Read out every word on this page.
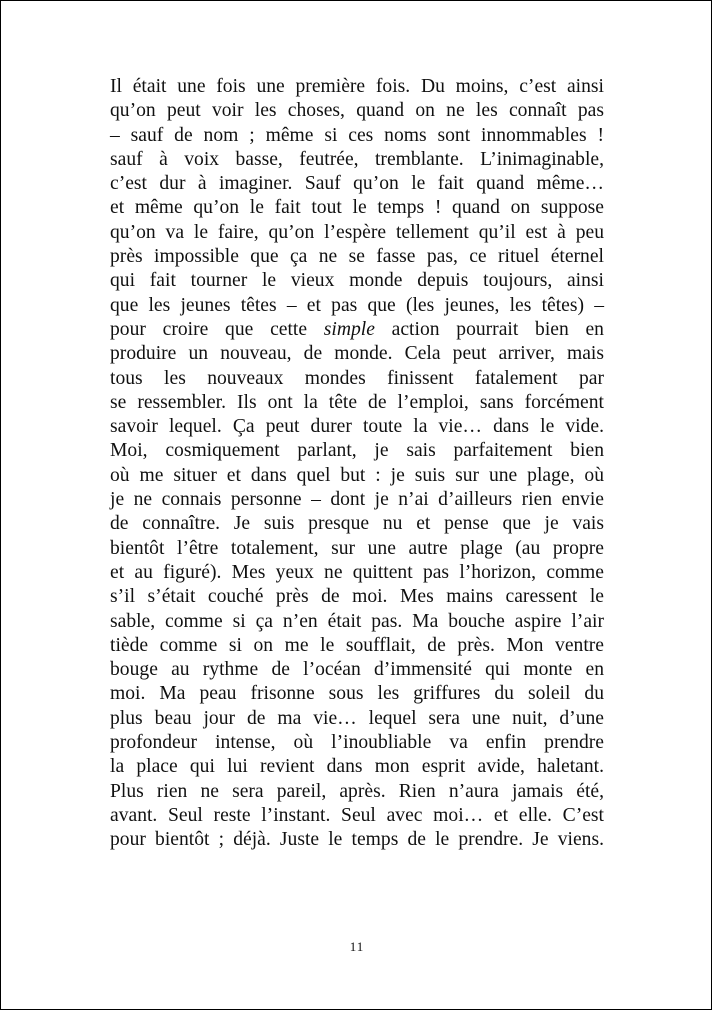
Il était une fois une première fois. Du moins, c’est ainsi
qu’on peut voir les choses, quand on ne les connaît pas
– sauf de nom ; même si ces noms sont innommables !
sauf à voix basse, feutrée, tremblante. L’inimaginable,
c’est dur à imaginer. Sauf qu’on le fait quand même…
et même qu’on le fait tout le temps ! quand on suppose
qu’on va le faire, qu’on l’espère tellement qu’il est à peu
près impossible que ça ne se fasse pas, ce rituel éternel
qui fait tourner le vieux monde depuis toujours, ainsi
que les jeunes têtes – et pas que (les jeunes, les têtes) –
pour croire que cette simple action pourrait bien en
produire un nouveau, de monde. Cela peut arriver, mais
tous les nouveaux mondes finissent fatalement par
se ressembler. Ils ont la tête de l’emploi, sans forcément
savoir lequel. Ça peut durer toute la vie… dans le vide.
Moi, cosmiquement parlant, je sais parfaitement bien
où me situer et dans quel but : je suis sur une plage, où
je ne connais personne – dont je n’ai d’ailleurs rien envie
de connaître. Je suis presque nu et pense que je vais
bientôt l’être totalement, sur une autre plage (au propre
et au figuré). Mes yeux ne quittent pas l’horizon, comme
s’il s’était couché près de moi. Mes mains caressent le
sable, comme si ça n’en était pas. Ma bouche aspire l’air
tiède comme si on me le soufflait, de près. Mon ventre
bouge au rythme de l’océan d’immensité qui monte en
moi. Ma peau frisonne sous les griffures du soleil du
plus beau jour de ma vie… lequel sera une nuit, d’une
profondeur intense, où l’inoubliable va enfin prendre
la place qui lui revient dans mon esprit avide, haletant.
Plus rien ne sera pareil, après. Rien n’aura jamais été,
avant. Seul reste l’instant. Seul avec moi… et elle. C’est
pour bientôt ; déjà. Juste le temps de le prendre. Je viens.
11
